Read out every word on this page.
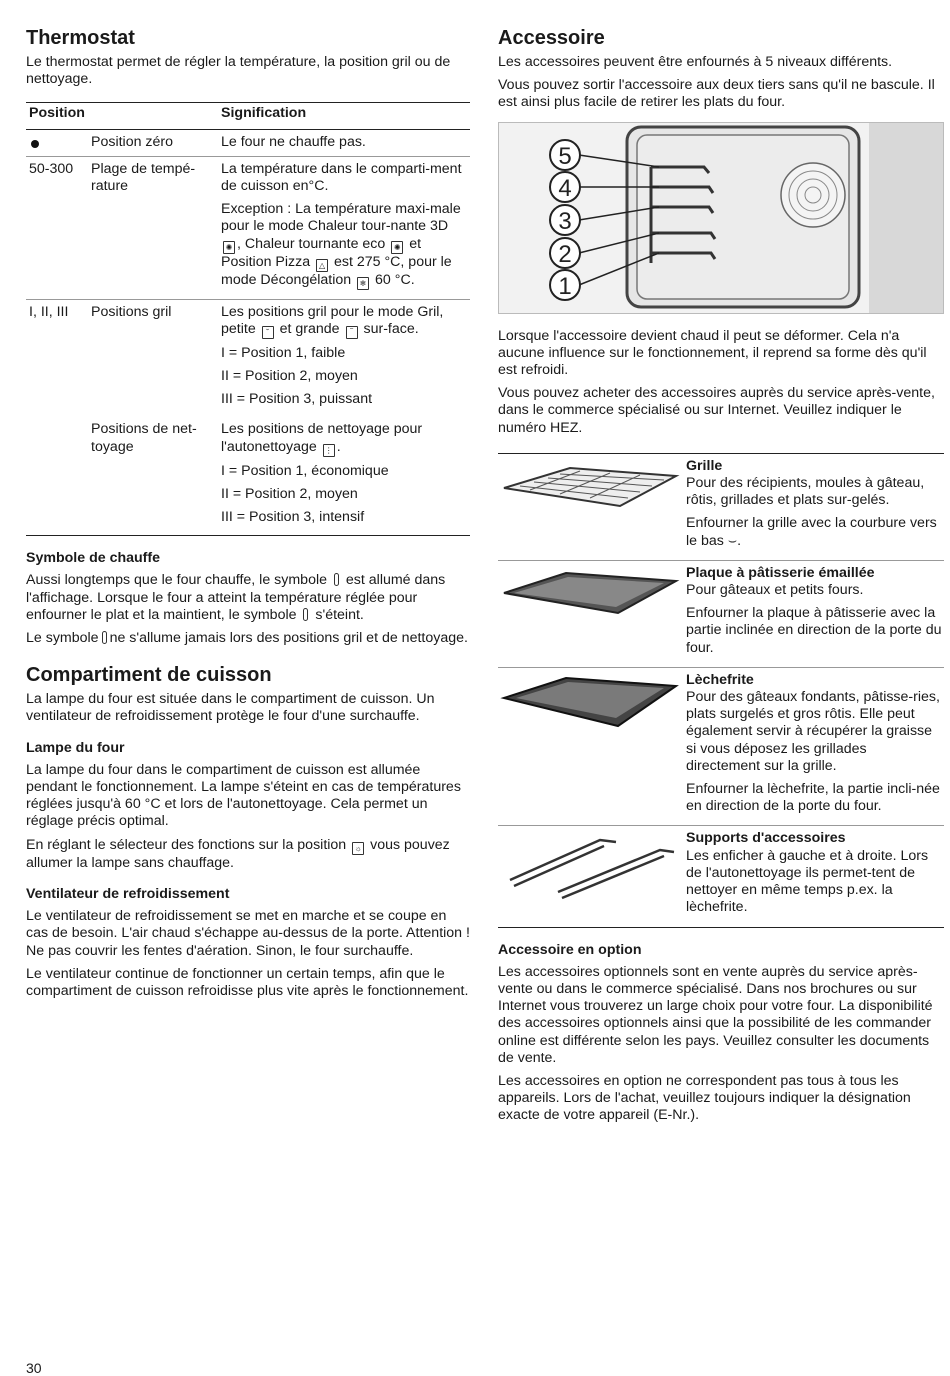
Thermostat

Le thermostat permet de régler la température, la position gril ou de nettoyage.

Position		Signification
	Position zéro	Le four ne chauffe pas.
50-300	Plage de tempé-rature	La température dans le comparti-ment de cuisson en°C.

Exception : La température maxi-male pour le mode Chaleur tour-nante 3D ✺ , Chaleur tournante eco ✺ et Position Pizza △ est 275 °C, pour le mode Décongélation ❄ 60 °C.

I, II, III	Positions gril	Les positions gril pour le mode Gril, petite ˘ et grande ‾ sur-face.

I = Position 1, faible

II = Position 2, moyen

III = Position 3, puissant

	Positions de net-toyage	Les positions de nettoyage pour l'autonettoyage ⋮ .

I = Position 1, économique

II = Position 2, moyen

III = Position 3, intensif

Symbole de chauffe

Aussi longtemps que le four chauffe, le symbole est allumé dans l'affichage. Lorsque le four a atteint la température réglée pour enfourner le plat et la maintient, le symbole s'éteint.

Le symbole ne s'allume jamais lors des positions gril et de nettoyage.

Compartiment de cuisson

La lampe du four est située dans le compartiment de cuisson. Un ventilateur de refroidissement protège le four d'une surchauffe.

Lampe du four

La lampe du four dans le compartiment de cuisson est allumée pendant le fonctionnement. La lampe s'éteint en cas de températures réglées jusqu'à 60 °C et lors de l'autonettoyage. Cela permet un réglage précis optimal.

En réglant le sélecteur des fonctions sur la position ☼ vous pouvez allumer la lampe sans chauffage.

Ventilateur de refroidissement

Le ventilateur de refroidissement se met en marche et se coupe en cas de besoin. L'air chaud s'échappe au-dessus de la porte. Attention ! Ne pas couvrir les fentes d'aération. Sinon, le four surchauffe.

Le ventilateur continue de fonctionner un certain temps, afin que le compartiment de cuisson refroidisse plus vite après le fonctionnement.

Accessoire

Les accessoires peuvent être enfournés à 5 niveaux différents.

Vous pouvez sortir l'accessoire aux deux tiers sans qu'il ne bascule. Il est ainsi plus facile de retirer les plats du four.

5
4
3
2
1

Lorsque l'accessoire devient chaud il peut se déformer. Cela n'a aucune influence sur le fonctionnement, il reprend sa forme dès qu'il est refroidi.

Vous pouvez acheter des accessoires auprès du service après-vente, dans le commerce spécialisé ou sur Internet. Veuillez indiquer le numéro HEZ.

Grille

Pour des récipients, moules à gâteau, rôtis, grillades et plats sur-gelés.

Enfourner la grille avec la courbure vers le bas ⌣.

Plaque à pâtisserie émaillée

Pour gâteaux et petits fours.

Enfourner la plaque à pâtisserie avec la partie inclinée en direction de la porte du four.

Lèchefrite

Pour des gâteaux fondants, pâtisse-ries, plats surgelés et gros rôtis. Elle peut également servir à récupérer la graisse si vous déposez les grillades directement sur la grille.

Enfourner la lèchefrite, la partie incli-née en direction de la porte du four.

Supports d'accessoires

Les enficher à gauche et à droite. Lors de l'autonettoyage ils permet-tent de nettoyer en même temps p.ex. la lèchefrite.

Accessoire en option

Les accessoires optionnels sont en vente auprès du service après-vente ou dans le commerce spécialisé. Dans nos brochures ou sur Internet vous trouverez un large choix pour votre four. La disponibilité des accessoires optionnels ainsi que la possibilité de les commander online est différente selon les pays. Veuillez consulter les documents de vente.

Les accessoires en option ne correspondent pas tous à tous les appareils. Lors de l'achat, veuillez toujours indiquer la désignation exacte de votre appareil (E-Nr.).

30
